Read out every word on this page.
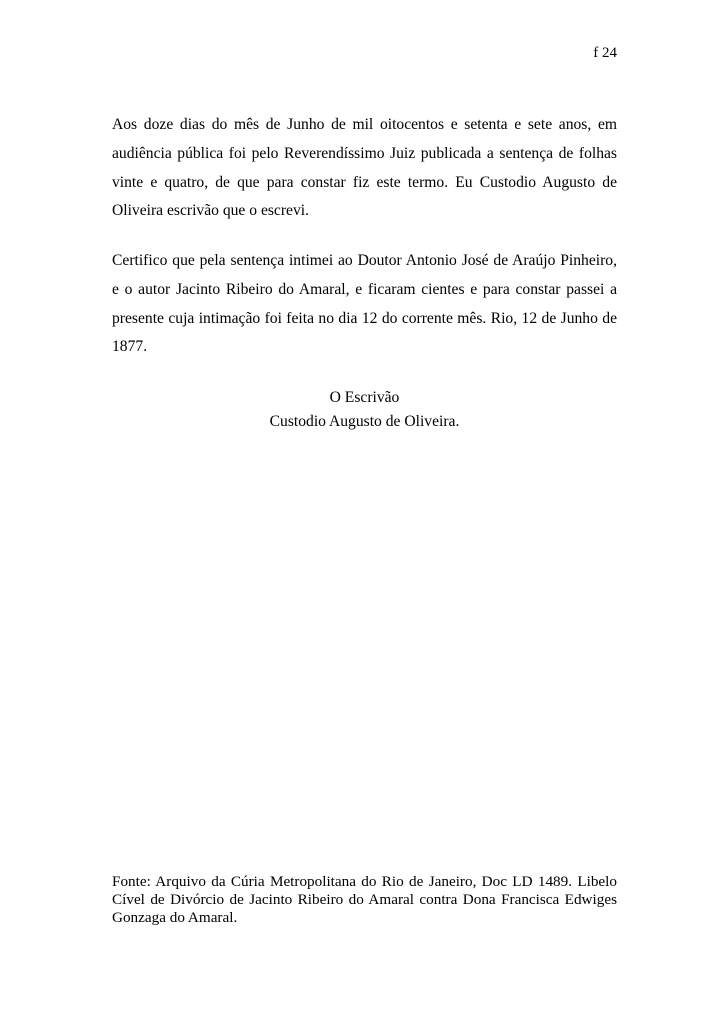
f 24

Aos doze dias do mês de Junho de mil oitocentos e setenta e sete anos, em audiência pública foi pelo Reverendíssimo Juiz publicada a sentença de folhas vinte e quatro, de que para constar fiz este termo. Eu Custodio Augusto de Oliveira escrivão que o escrevi.

Certifico que pela sentença intimei ao Doutor Antonio José de Araújo Pinheiro, e o autor Jacinto Ribeiro do Amaral, e ficaram cientes e para constar passei a presente cuja intimação foi feita no dia 12 do corrente mês. Rio, 12 de Junho de 1877.

O Escrivão
Custodio Augusto de Oliveira.

Fonte: Arquivo da Cúria Metropolitana do Rio de Janeiro, Doc LD 1489. Libelo Cível de Divórcio de Jacinto Ribeiro do Amaral contra Dona Francisca Edwiges Gonzaga do Amaral.
